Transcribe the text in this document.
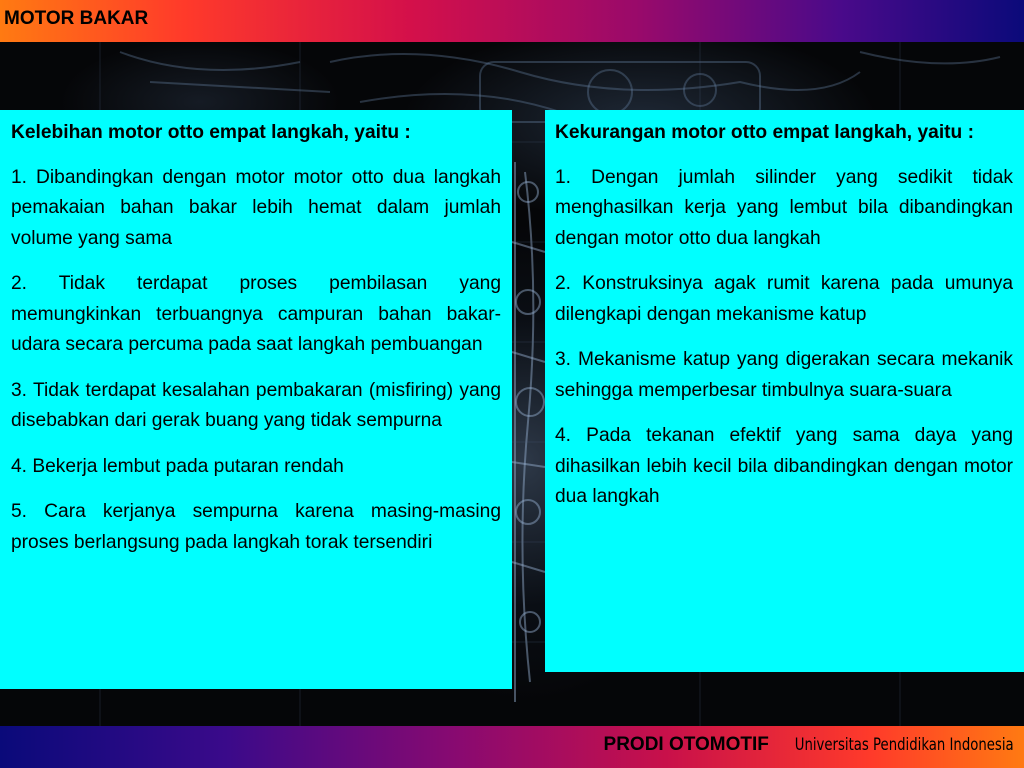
MOTOR BAKAR
Kelebihan motor otto empat langkah, yaitu :
1. Dibandingkan dengan motor motor otto dua langkah pemakaian bahan bakar lebih hemat dalam jumlah volume yang sama
2. Tidak terdapat proses pembilasan yang memungkinkan terbuangnya campuran bahan bakar-udara secara percuma pada saat langkah pembuangan
3. Tidak terdapat kesalahan pembakaran (misfiring) yang disebabkan dari gerak buang yang tidak sempurna
4. Bekerja lembut pada putaran rendah
5. Cara kerjanya sempurna karena masing-masing proses berlangsung pada langkah torak tersendiri
Kekurangan motor otto empat langkah, yaitu :
1. Dengan jumlah silinder yang sedikit tidak menghasilkan kerja yang lembut bila dibandingkan dengan motor otto dua langkah
2. Konstruksinya agak rumit karena pada umunya dilengkapi dengan mekanisme katup
3. Mekanisme katup yang digerakan secara mekanik sehingga memperbesar timbulnya suara-suara
4. Pada tekanan efektif yang sama daya yang dihasilkan lebih kecil bila dibandingkan dengan motor dua langkah
PRODI OTOMOTIF Universitas Pendidikan Indonesia
